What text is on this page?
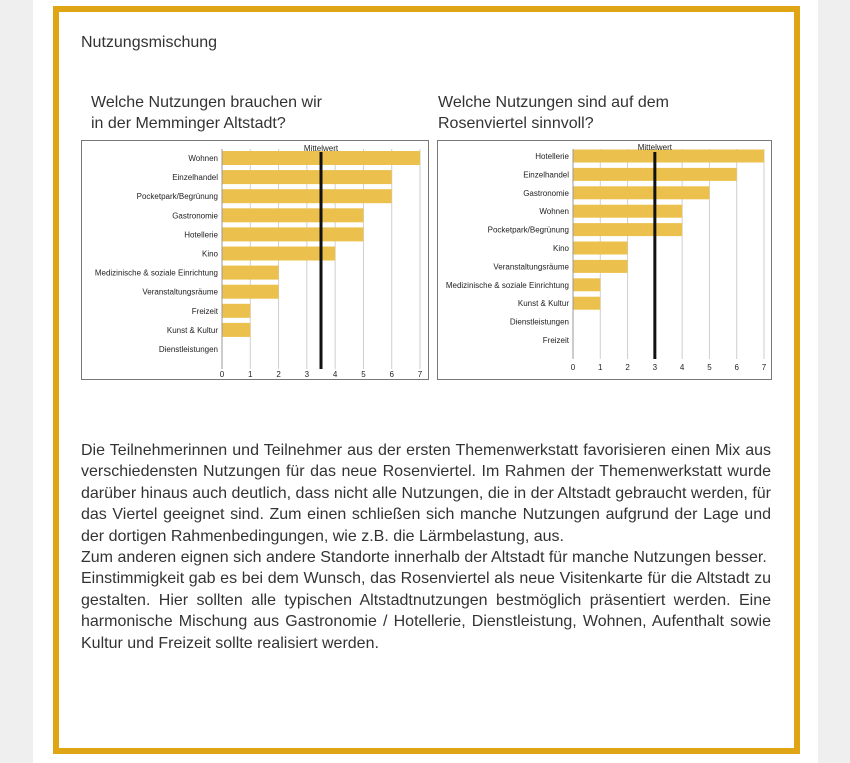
Nutzungsmischung
Welche Nutzungen brauchen wir
in der Memminger Altstadt?
Welche Nutzungen sind auf dem
Rosenviertel sinnvoll?
Wohnen
Einzelhandel
Pocketpark/Begrünung
Gastronomie
Hotellerie
Kino
Medizinische & soziale Einrichtung
Veranstaltungsräume
Freizeit
Kunst & Kultur
Dienstleistungen
Mittelwert
0	1	2	3	4	5	6	7
Hotellerie
Einzelhandel
Gastronomie
Wohnen
Pocketpark/Begrünung
Kino
Veranstaltungsräume
Medizinische & soziale Einrichtung
Kunst & Kultur
Dienstleistungen
Freizeit
Mittelwert
0	1	2	3	4	5	6	7

Die Teilnehmerinnen und Teilnehmer aus der ersten Themenwerkstatt favorisieren einen Mix aus verschiedensten Nutzungen für das neue Rosenviertel. Im Rahmen der Themenwerkstatt wurde darüber hinaus auch deutlich, dass nicht alle Nutzungen, die in der Altstadt gebraucht werden, für das Viertel geeignet sind. Zum einen schließen sich manche Nutzungen aufgrund der Lage und der dortigen Rahmenbedingungen, wie z.B. die Lärmbelastung, aus.

Zum anderen eignen sich andere Standorte innerhalb der Altstadt für manche Nutzungen besser.

Einstimmigkeit gab es bei dem Wunsch, das Rosenviertel als neue Visitenkarte für die Altstadt zu gestalten. Hier sollten alle typischen Altstadtnutzungen bestmöglich präsentiert werden. Eine harmonische Mischung aus Gastronomie / Hotellerie, Dienstleistung, Wohnen, Aufenthalt sowie Kultur und Freizeit sollte realisiert werden.
